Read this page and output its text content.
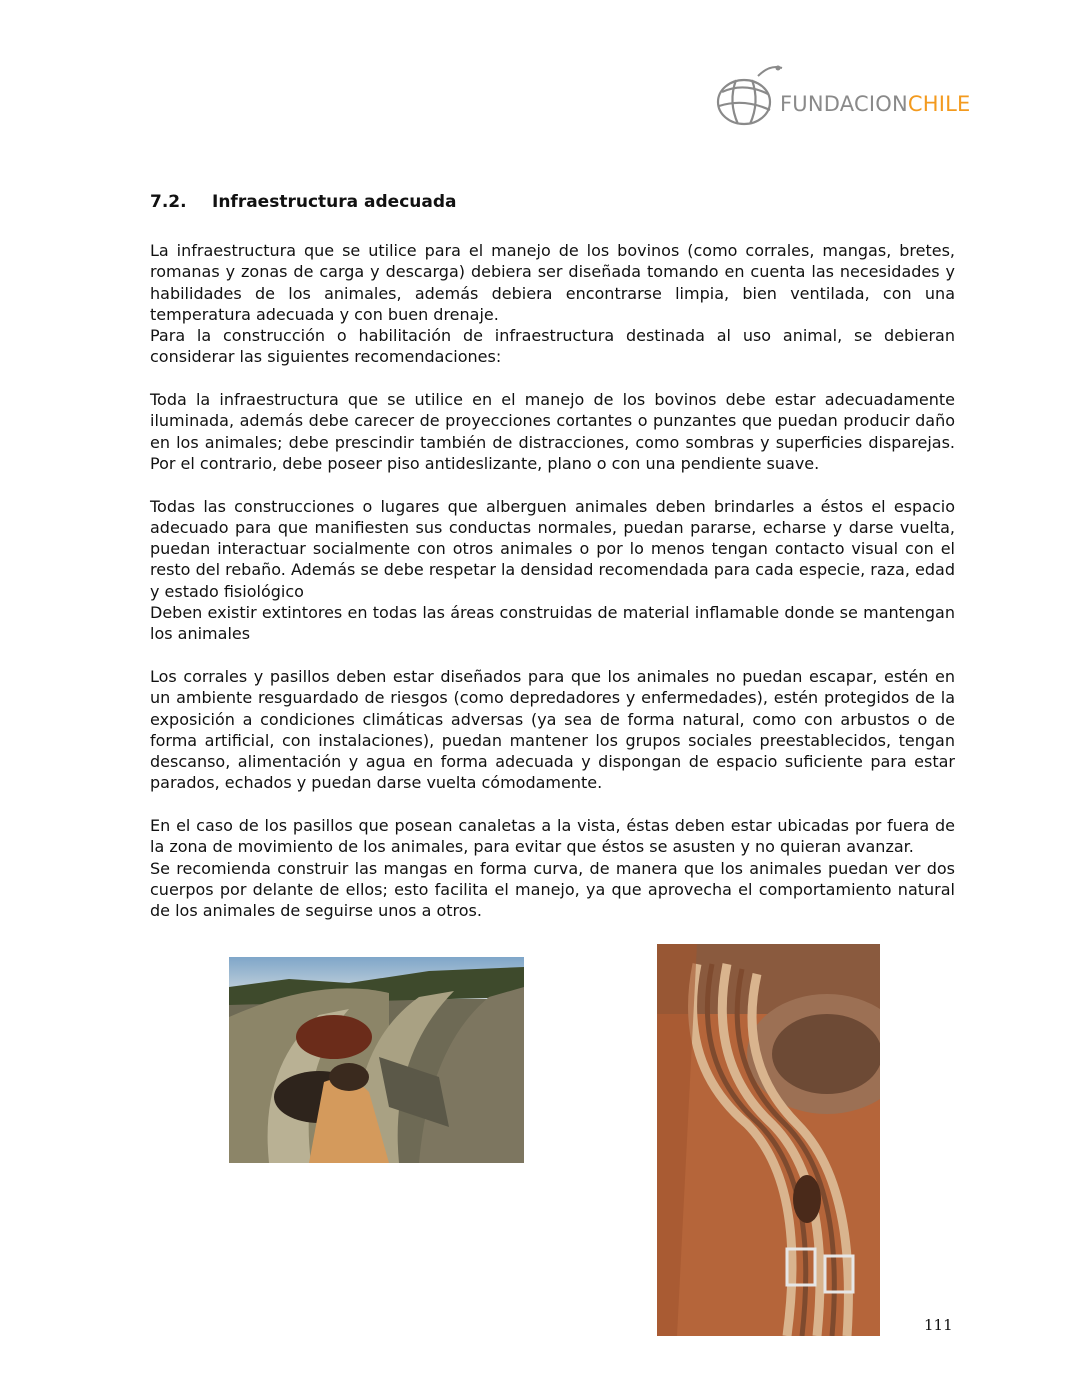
FUNDACIONCHILE
7.2. Infraestructura adecuada

La infraestructura que se utilice para el manejo de los bovinos (como corrales, mangas, bretes, romanas y zonas de carga y descarga) debiera ser diseñada tomando en cuenta las necesidades y habilidades de los animales, además debiera encontrarse limpia, bien ventilada, con una temperatura adecuada y con buen drenaje.

Para la construcción o habilitación de infraestructura destinada al uso animal, se debieran considerar las siguientes recomendaciones:

Toda la infraestructura que se utilice en el manejo de los bovinos debe estar adecuadamente iluminada, además debe carecer de proyecciones cortantes o punzantes que puedan producir daño en los animales; debe prescindir también de distracciones, como sombras y superficies disparejas. Por el contrario, debe poseer piso antideslizante, plano o con una pendiente suave.

Todas las construcciones o lugares que alberguen animales deben brindarles a éstos el espacio adecuado para que manifiesten sus conductas normales, puedan pararse, echarse y darse vuelta, puedan interactuar socialmente con otros animales o por lo menos tengan contacto visual con el resto del rebaño. Además se debe respetar la densidad recomendada para cada especie, raza, edad y estado fisiológico

Deben existir extintores en todas las áreas construidas de material inflamable donde se mantengan los animales

Los corrales y pasillos deben estar diseñados para que los animales no puedan escapar, estén en un ambiente resguardado de riesgos (como depredadores y enfermedades), estén protegidos de la exposición a condiciones climáticas adversas (ya sea de forma natural, como con arbustos o de forma artificial, con instalaciones), puedan mantener los grupos sociales preestablecidos, tengan descanso, alimentación y agua en forma adecuada y dispongan de espacio suficiente para estar parados, echados y puedan darse vuelta cómodamente.

En el caso de los pasillos que posean canaletas a la vista, éstas deben estar ubicadas por fuera de la zona de movimiento de los animales, para evitar que éstos se asusten y no quieran avanzar.

Se recomienda construir las mangas en forma curva, de manera que los animales puedan ver dos cuerpos por delante de ellos; esto facilita el manejo, ya que aprovecha el comportamiento natural de los animales de seguirse unos a otros.

111
